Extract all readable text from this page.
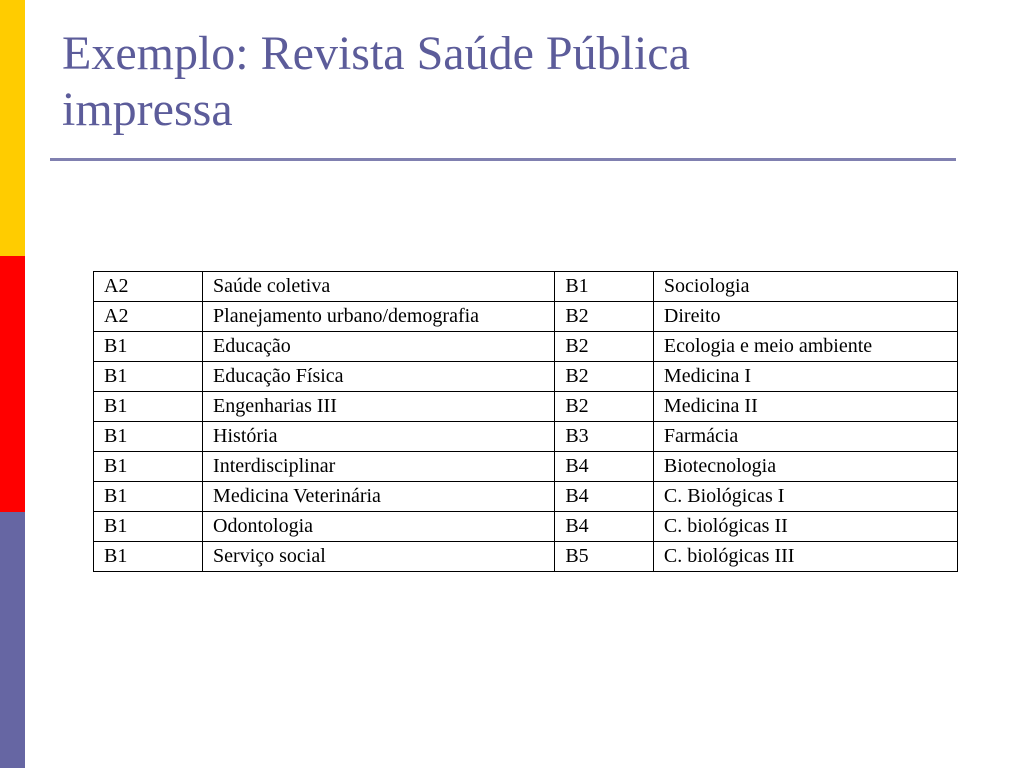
Exemplo: Revista Saúde Pública
impressa
A2	Saúde coletiva	B1	Sociologia
A2	Planejamento urbano/demografia	B2	Direito
B1	Educação	B2	Ecologia e meio ambiente
B1	Educação Física	B2	Medicina I
B1	Engenharias III	B2	Medicina II
B1	História	B3	Farmácia
B1	Interdisciplinar	B4	Biotecnologia
B1	Medicina Veterinária	B4	C. Biológicas I
B1	Odontologia	B4	C. biológicas II
B1	Serviço social	B5	C. biológicas III
